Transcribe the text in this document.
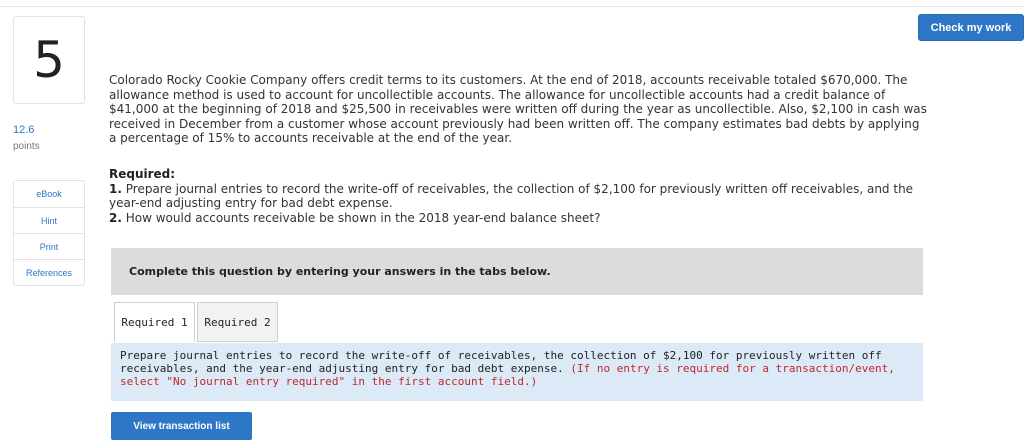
Check my work
5
12.6
points
eBook
Hint
Print
References
Colorado Rocky Cookie Company offers credit terms to its customers. At the end of 2018, accounts receivable totaled $670,000. The allowance method is used to account for uncollectible accounts. The allowance for uncollectible accounts had a credit balance of $41,000 at the beginning of 2018 and $25,500 in receivables were written off during the year as uncollectible. Also, $2,100 in cash was received in December from a customer whose account previously had been written off. The company estimates bad debts by applying a percentage of 15% to accounts receivable at the end of the year.
Required:
1. Prepare journal entries to record the write-off of receivables, the collection of $2,100 for previously written off receivables, and the year-end adjusting entry for bad debt expense.
2. How would accounts receivable be shown in the 2018 year-end balance sheet?
Complete this question by entering your answers in the tabs below.
Required 1	Required 2
Prepare journal entries to record the write-off of receivables, the collection of $2,100 for previously written off receivables, and the year-end adjusting entry for bad debt expense. (If no entry is required for a transaction/event, select "No journal entry required" in the first account field.)
View transaction list
